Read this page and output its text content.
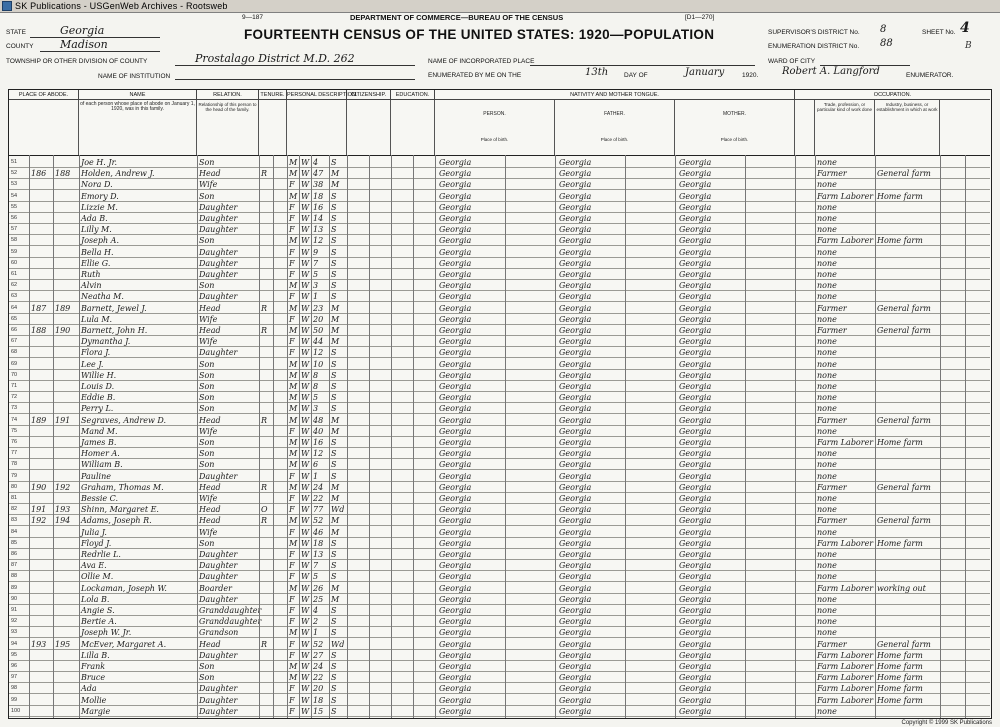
SK Publications - USGenWeb Archives - Rootsweb
9—187	DEPARTMENT OF COMMERCE—BUREAU OF THE CENSUS	[D1—270]
STATE	Georgia
COUNTY Madison
FOURTEENTH CENSUS OF THE UNITED STATES: 1920—POPULATION
TOWNSHIP OR OTHER DIVISION OF COUNTY	Prostalago District M.D. 262	NAME OF INCORPORATED PLACE
NAME OF INSTITUTION	ENUMERATED BY ME ON THE	13th DAY OF	January	1920. Robert A. Langford	ENUMERATOR.
SUPERVISOR'S DISTRICT No. 8
ENUMERATION DISTRICT No. 88
WARD OF CITY
SHEET No. 4
B
PLACE OF ABODE.	NAME	RELATION.	TENURE. PERSONAL DESCRIPTION.
CITIZENSHIP.	EDUCATION.	NATIVITY AND MOTHER TONGUE.	OCCUPATION.
of each person whose place of abode on January 1, 1920, was in this family.
Relationship of this person to the head of the family.
PERSON.
Place of birth.
FATHER.
Place of birth.
MOTHER.
Place of birth.
Trade, profession, or particular kind of work done
Industry, business, or establishment in which at work
51	Joe H. Jr.	Son	M W 4	S	Georgia	Georgia	Georgia	none
52	186	188	Holden, Andrew J.	Head	R	M W 47 M	Georgia	Georgia	Georgia	Farmer	General farm
53	Nora D.	Wife	F W 38 M	Georgia	Georgia	Georgia	none
54	Emory D.	Son	M W 18 S	Georgia	Georgia	Georgia	Farm Laborer Home farm
55	Lizzie M.	Daughter	F W 16 S	Georgia	Georgia	Georgia	none
56	Ada B.	Daughter	F W 14 S	Georgia	Georgia	Georgia	none
57	Lilly M.	Daughter	F W 13 S	Georgia	Georgia	Georgia	none
58	Joseph A.	Son	M W 12 S	Georgia	Georgia	Georgia	Farm Laborer Home farm
59	Bella H.	Daughter	F W 9	S	Georgia	Georgia	Georgia	none
60	Ellie G.	Daughter	F W 7	S	Georgia	Georgia	Georgia	none
61	Ruth	Daughter	F W 5	S	Georgia	Georgia	Georgia	none
62	Alvin	Son	M W 3	S	Georgia	Georgia	Georgia	none
63	Neatha M.	Daughter	F W 1	S	Georgia	Georgia	Georgia	none
64	187	189	Barnett, Jewel J.	Head	R	M W 23 M	Georgia	Georgia	Georgia	Farmer	General farm
65	Lula M.	Wife	F W 20 M	Georgia	Georgia	Georgia	none
66	188	190	Barnett, John H.	Head	R	M W 50 M	Georgia	Georgia	Georgia	Farmer	General farm
67	Dymantha J.	Wife	F W 44 M	Georgia	Georgia	Georgia	none
68	Flora J.	Daughter	F W 12 S	Georgia	Georgia	Georgia	none
69	Lee J.	Son	M W 10 S	Georgia	Georgia	Georgia	none
70	Willie H.	Son	M W 8	S	Georgia	Georgia	Georgia	none
71	Louis D.	Son	M W 8	S	Georgia	Georgia	Georgia	none
72	Eddie B.	Son	M W 5	S	Georgia	Georgia	Georgia	none
73	Perry L.	Son	M W 3	S	Georgia	Georgia	Georgia	none
74	189	191	Segraves, Andrew D.	Head	R	M W 48 M	Georgia	Georgia	Georgia	Farmer	General farm
75	Mand M.	Wife	F W 40 M	Georgia	Georgia	Georgia	none
76	James B.	Son	M W 16 S	Georgia	Georgia	Georgia	Farm Laborer Home farm
77	Homer A.	Son	M W 12 S	Georgia	Georgia	Georgia	none
78	William B.	Son	M W 6	S	Georgia	Georgia	Georgia	none
79	Pauline	Daughter	F W 1	S	Georgia	Georgia	Georgia	none
80	190	192	Graham, Thomas M.	Head	R	M W 24 M	Georgia	Georgia	Georgia	Farmer	General farm
81	Bessie C.	Wife	F W 22 M	Georgia	Georgia	Georgia	none
82	191	193	Shinn, Margaret E.	Head	O	F W 77 Wd	Georgia	Georgia	Georgia	none
83	192	194	Adams, Joseph R.	Head	R	M W 52 M	Georgia	Georgia	Georgia	Farmer	General farm
84	Julia J.	Wife	F W 46 M	Georgia	Georgia	Georgia	none
85	Floyd J.	Son	M W 18 S	Georgia	Georgia	Georgia	Farm Laborer Home farm
86	Redrlie L.	Daughter	F W 13 S	Georgia	Georgia	Georgia	none
87	Ava E.	Daughter	F W 7	S	Georgia	Georgia	Georgia	none
88	Ollie M.	Daughter	F W 5	S	Georgia	Georgia	Georgia	none
89	Lockaman, Joseph W.	Boarder	M W 26 M	Georgia	Georgia	Georgia	Farm Laborer working out
90	Lola B.	Daughter	F W 25 M	Georgia	Georgia	Georgia	none
91	Angie S.	Granddaughter	F W 4	S	Georgia	Georgia	Georgia	none
92	Bertie A.	Granddaughter	F W 2	S	Georgia	Georgia	Georgia	none
93	Joseph W. Jr.	Grandson	M W 1	S	Georgia	Georgia	Georgia	none
94	193	195	McEver, Margaret A.	Head	R	F W 52 Wd	Georgia	Georgia	Georgia	Farmer	General farm
95	Lilla B.	Daughter	F W 27 S	Georgia	Georgia	Georgia	Farm Laborer Home farm
96	Frank	Son	M W 24 S	Georgia	Georgia	Georgia	Farm Laborer Home farm
97	Bruce	Son	M W 22 S	Georgia	Georgia	Georgia	Farm Laborer Home farm
98	Ada	Daughter	F W 20 S	Georgia	Georgia	Georgia	Farm Laborer Home farm
99	Mollie	Daughter	F W 18 S	Georgia	Georgia	Georgia	Farm Laborer Home farm
100	Margie	Daughter	F W 15 S	Georgia	Georgia	Georgia	none
Copyright © 1999 SK Publications
